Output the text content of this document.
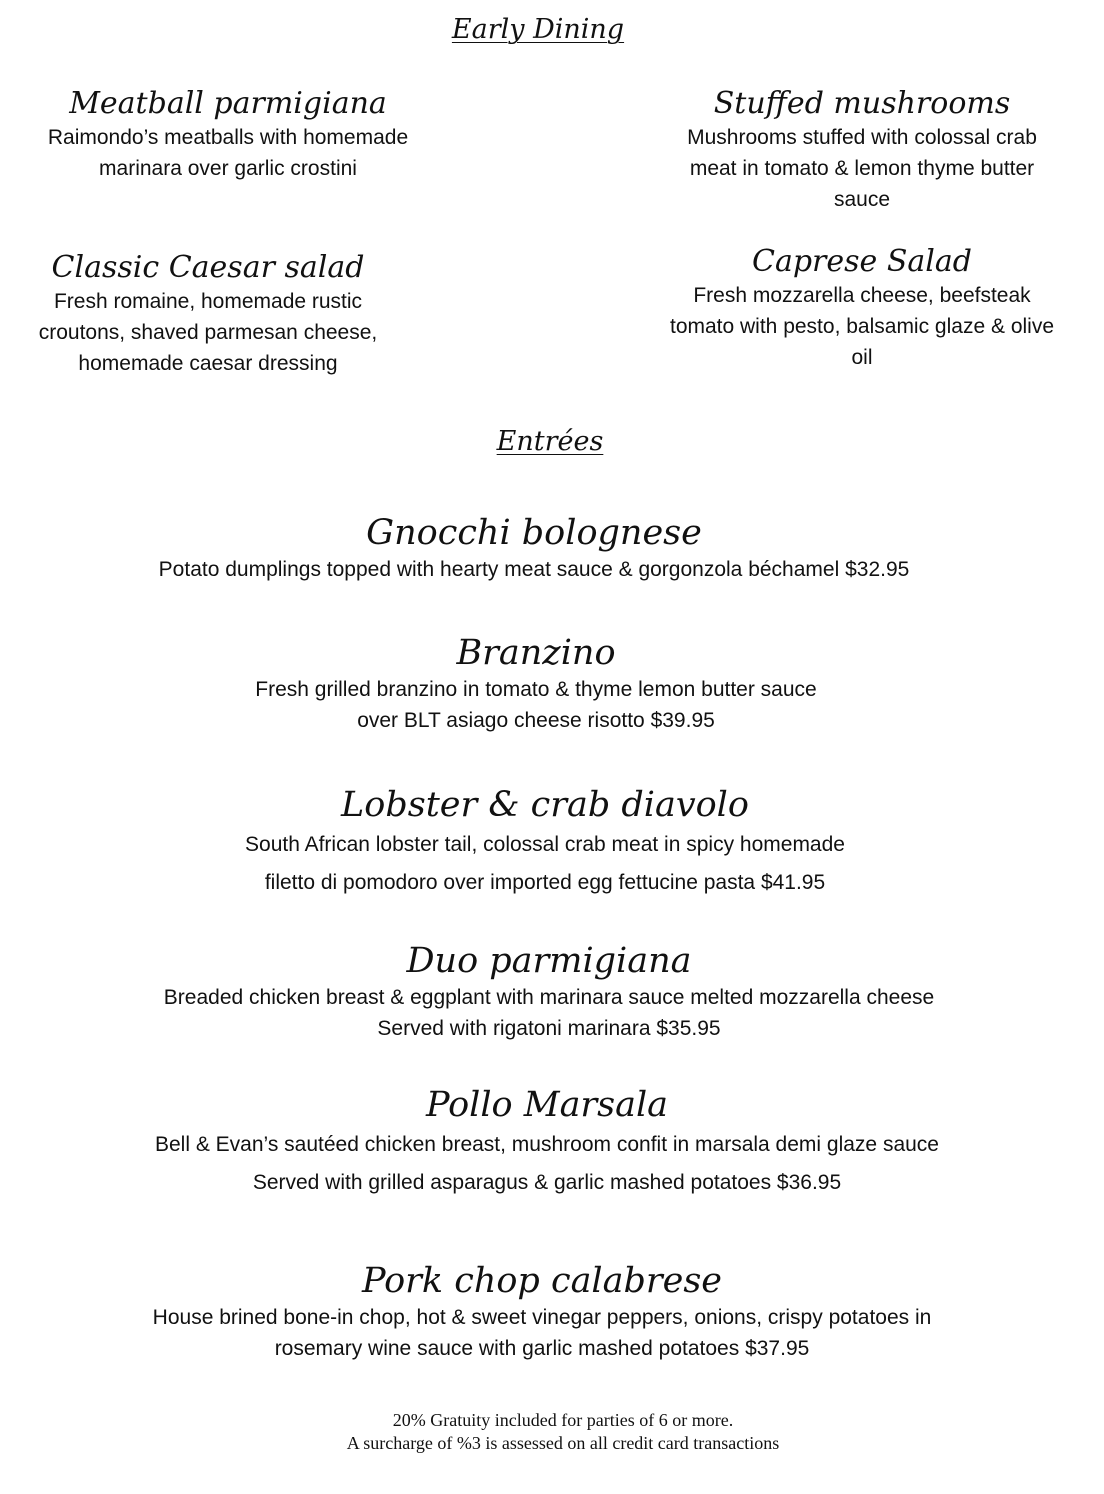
Early Dining
Meatball parmigiana
Raimondo’s meatballs with homemade
marinara over garlic crostini
Stuffed mushrooms
Mushrooms stuffed with colossal crab
meat in tomato & lemon thyme butter
sauce
Classic Caesar salad
Fresh romaine, homemade rustic
croutons, shaved parmesan cheese,
homemade caesar dressing
Caprese Salad
Fresh mozzarella cheese, beefsteak
tomato with pesto, balsamic glaze & olive
oil
Entrées
Gnocchi bolognese
Potato dumplings topped with hearty meat sauce & gorgonzola béchamel $32.95
Branzino
Fresh grilled branzino in tomato & thyme lemon butter sauce
over BLT asiago cheese risotto $39.95
Lobster & crab diavolo
South African lobster tail, colossal crab meat in spicy homemade
filetto di pomodoro over imported egg fettucine pasta $41.95
Duo parmigiana
Breaded chicken breast & eggplant with marinara sauce melted mozzarella cheese
Served with rigatoni marinara $35.95
Pollo Marsala
Bell & Evan’s sautéed chicken breast, mushroom confit in marsala demi glaze sauce
Served with grilled asparagus & garlic mashed potatoes $36.95
Pork chop calabrese
House brined bone-in chop, hot & sweet vinegar peppers, onions, crispy potatoes in
rosemary wine sauce with garlic mashed potatoes $37.95
20% Gratuity included for parties of 6 or more.
A surcharge of %3 is assessed on all credit card transactions
